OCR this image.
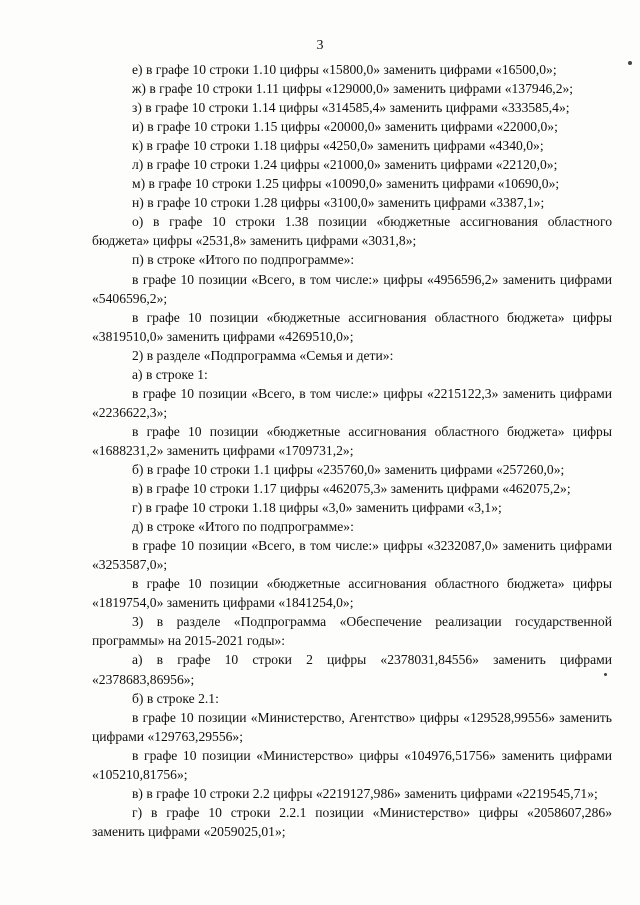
3

е) в графе 10 строки 1.10 цифры «15800,0» заменить цифрами «16500,0»;

ж) в графе 10 строки 1.11 цифры «129000,0» заменить цифрами «137946,2»;

з) в графе 10 строки 1.14 цифры «314585,4» заменить цифрами «333585,4»;

и) в графе 10 строки 1.15 цифры «20000,0» заменить цифрами «22000,0»;

к) в графе 10 строки 1.18 цифры «4250,0» заменить цифрами «4340,0»;

л) в графе 10 строки 1.24 цифры «21000,0» заменить цифрами «22120,0»;

м) в графе 10 строки 1.25 цифры «10090,0» заменить цифрами «10690,0»;

н) в графе 10 строки 1.28 цифры «3100,0» заменить цифрами «3387,1»;

о) в графе 10 строки 1.38 позиции «бюджетные ассигнования областного бюджета» цифры «2531,8» заменить цифрами «3031,8»;

п) в строке «Итого по подпрограмме»:

в графе 10 позиции «Всего, в том числе:» цифры «4956596,2» заменить цифрами «5406596,2»;

в графе 10 позиции «бюджетные ассигнования областного бюджета» цифры «3819510,0» заменить цифрами «4269510,0»;

2) в разделе «Подпрограмма «Семья и дети»:

а) в строке 1:

в графе 10 позиции «Всего, в том числе:» цифры «2215122,3» заменить цифрами «2236622,3»;

в графе 10 позиции «бюджетные ассигнования областного бюджета» цифры «1688231,2» заменить цифрами «1709731,2»;

б) в графе 10 строки 1.1 цифры «235760,0» заменить цифрами «257260,0»;

в) в графе 10 строки 1.17 цифры «462075,3» заменить цифрами «462075,2»;

г) в графе 10 строки 1.18 цифры «3,0» заменить цифрами «3,1»;

д) в строке «Итого по подпрограмме»:

в графе 10 позиции «Всего, в том числе:» цифры «3232087,0» заменить цифрами «3253587,0»;

в графе 10 позиции «бюджетные ассигнования областного бюджета» цифры «1819754,0» заменить цифрами «1841254,0»;

3) в разделе «Подпрограмма «Обеспечение реализации государственной программы» на 2015-2021 годы»:

а) в графе 10 строки 2 цифры «2378031,84556» заменить цифрами «2378683,86956»;

б) в строке 2.1:

в графе 10 позиции «Министерство, Агентство» цифры «129528,99556» заменить цифрами «129763,29556»;

в графе 10 позиции «Министерство» цифры «104976,51756» заменить цифрами «105210,81756»;

в) в графе 10 строки 2.2 цифры «2219127,986» заменить цифрами «2219545,71»;

г) в графе 10 строки 2.2.1 позиции «Министерство» цифры «2058607,286» заменить цифрами «2059025,01»;
